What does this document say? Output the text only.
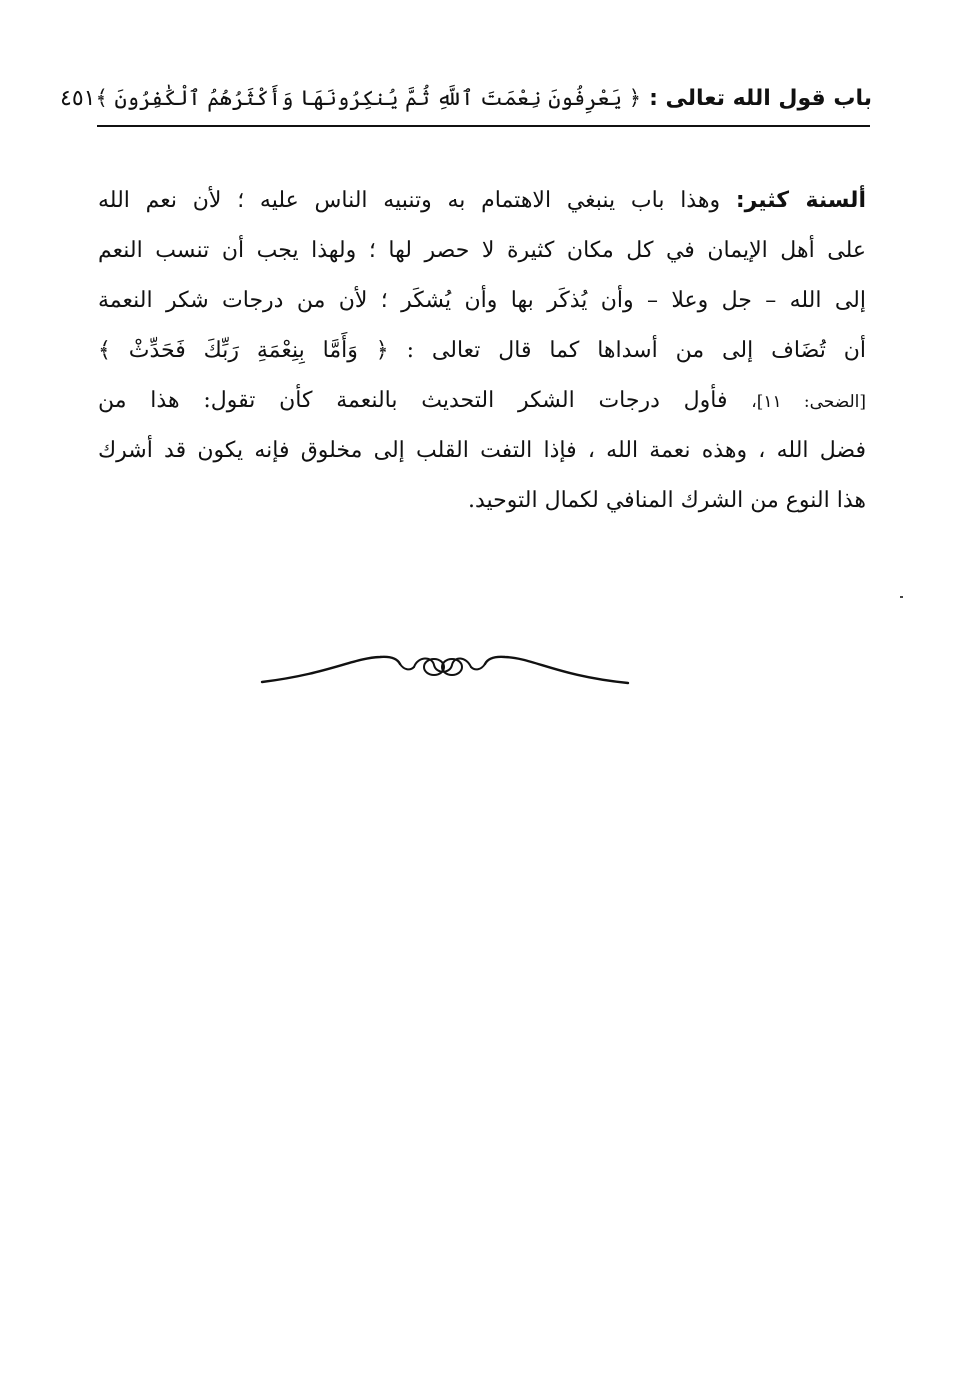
باب قول الله تعالى :
﴿ يَعْرِفُونَ نِعْمَتَ ٱللَّهِ ثُمَّ يُنكِرُونَهَا وَأَكْثَرُهُمُ ٱلْكَٰفِرُونَ ﴾
٤٥١
ألسنة كثير: وهذا باب ينبغي الاهتمام به وتنبيه الناس عليه ؛ لأن نعم الله
على أهل الإيمان في كل مكان كثيرة لا حصر لها ؛ ولهذا يجب أن تنسب النعم
إلى الله – جل وعلا – وأن يُذكَر بها وأن يُشكَر ؛ لأن من درجات شكر النعمة
أن تُضَاف إلى من أسداها كما قال تعالى : ﴿ وَأَمَّا بِنِعْمَةِ رَبِّكَ فَحَدِّثْ ﴾
[الضحى: ١١]، فأول درجات الشكر التحديث بالنعمة كأن تقول: هذا من
فضل الله ، وهذه نعمة الله ، فإذا التفت القلب إلى مخلوق فإنه يكون قد أشرك
هذا النوع من الشرك المنافي لكمال التوحيد.
